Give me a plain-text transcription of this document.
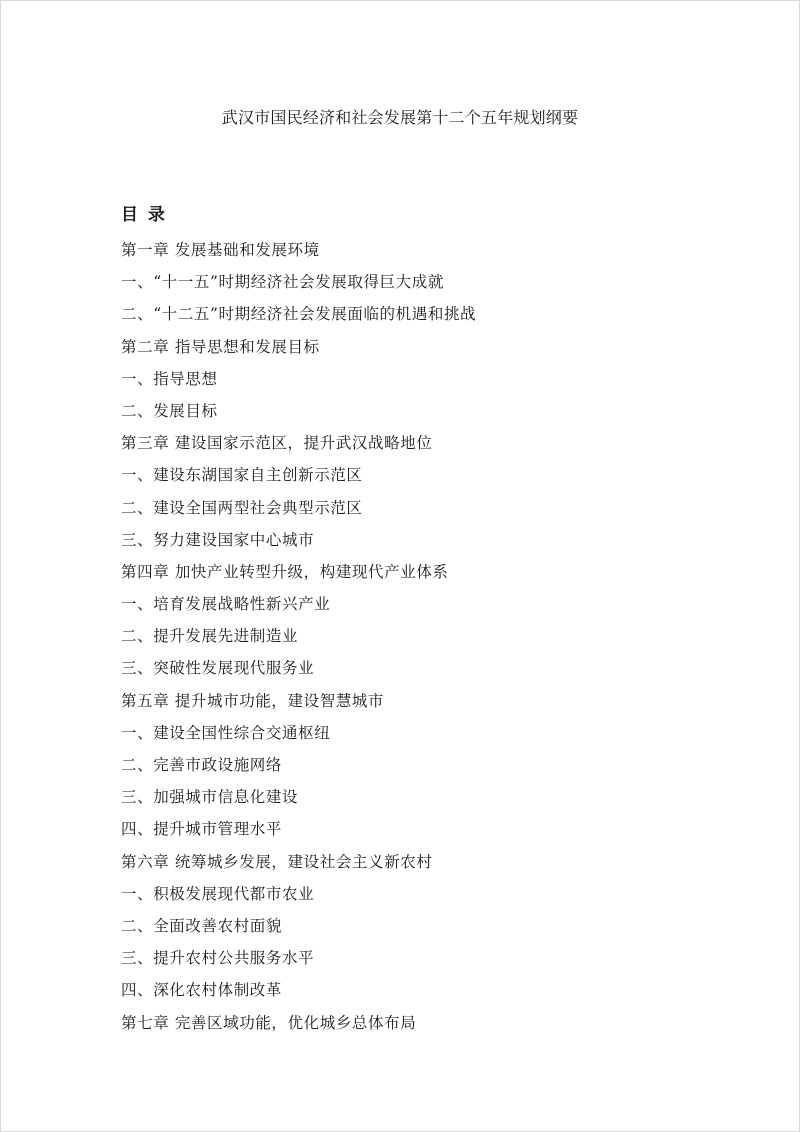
武汉市国民经济和社会发展第十二个五年规划纲要
目 录
第一章 发展基础和发展环境
一、“十一五”时期经济社会发展取得巨大成就
二、“十二五”时期经济社会发展面临的机遇和挑战
第二章 指导思想和发展目标
一、指导思想
二、发展目标
第三章 建设国家示范区，提升武汉战略地位
一、建设东湖国家自主创新示范区
二、建设全国两型社会典型示范区
三、努力建设国家中心城市
第四章 加快产业转型升级，构建现代产业体系
一、培育发展战略性新兴产业
二、提升发展先进制造业
三、突破性发展现代服务业
第五章 提升城市功能，建设智慧城市
一、建设全国性综合交通枢纽
二、完善市政设施网络
三、加强城市信息化建设
四、提升城市管理水平
第六章 统筹城乡发展，建设社会主义新农村
一、积极发展现代都市农业
二、全面改善农村面貌
三、提升农村公共服务水平
四、深化农村体制改革
第七章 完善区域功能，优化城乡总体布局
